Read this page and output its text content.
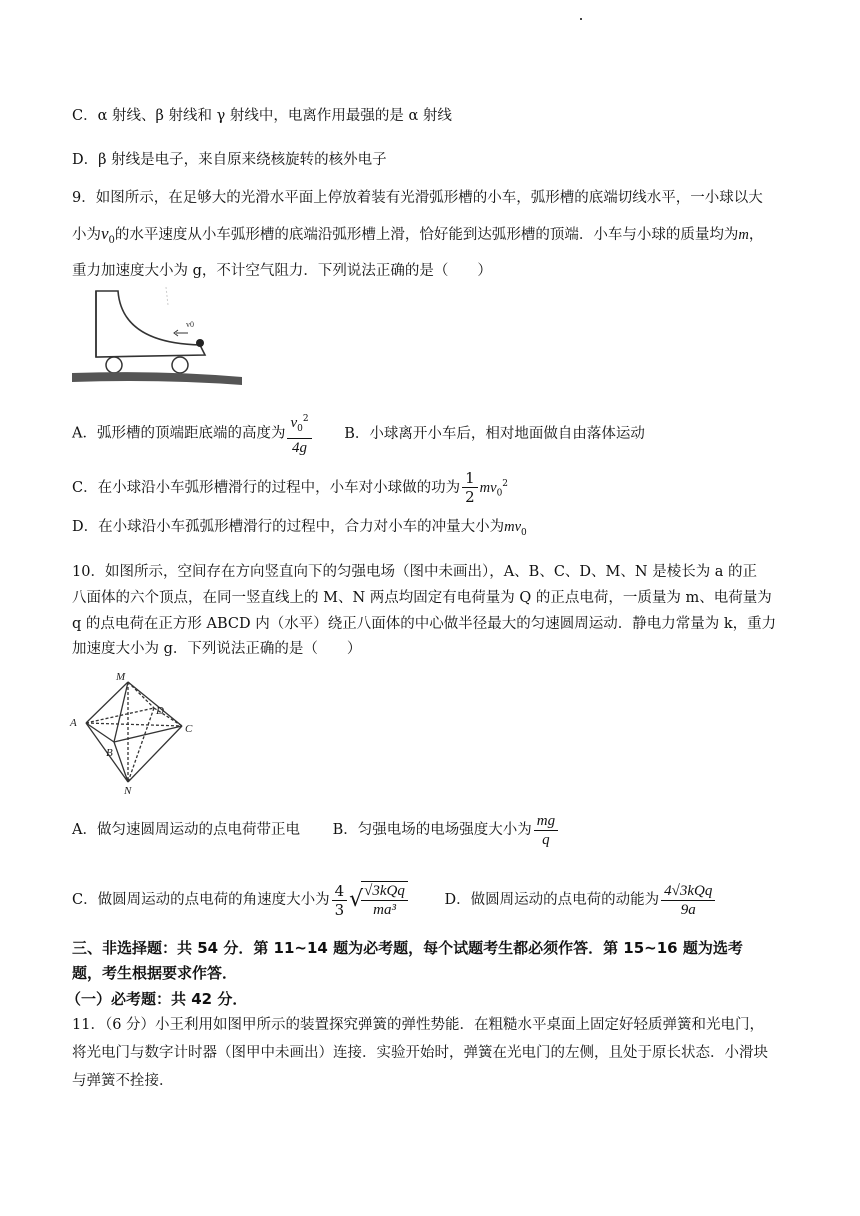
C．α 射线、β 射线和 γ 射线中，电离作用最强的是 α 射线
D．β 射线是电子，来自原来绕核旋转的核外电子
9．如图所示，在足够大的光滑水平面上停放着装有光滑弧形槽的小车，弧形槽的底端切线水平，一小球以大
小为$v_0$的水平速度从小车弧形槽的底端沿弧形槽上滑，恰好能到达弧形槽的顶端．小车与小球的质量均为m，
重力加速度大小为 g，不计空气阻力．下列说法正确的是（　　）
v0
A．弧形槽的顶端距底端的高度为 $\frac{v_0^2}{4g}$ B．小球离开小车后，相对地面做自由落体运动
C．在小球沿小车弧形槽滑行的过程中，小车对小球做的功为 $\frac{1}{2} mv_0^2$
D．在小球沿小车孤弧形槽滑行的过程中，合力对小车的冲量大小为$mv_0$
10．如图所示，空间存在方向竖直向下的匀强电场（图中未画出），A、B、C、D、M、N 是棱长为 a 的正
八面体的六个顶点，在同一竖直线上的 M、N 两点均固定有电荷量为 Q 的正点电荷，一质量为 m、电荷量为
q 的点电荷在正方形 ABCD 内（水平）绕正八面体的中心做半径最大的匀速圆周运动．静电力常量为 k，重力
加速度大小为 g．下列说法正确的是（　　）
M
A
D
C
B
N
A．做匀速圆周运动的点电荷带正电 B．匀强电场的电场强度大小为 $\frac{mg}{q}$
C．做圆周运动的点电荷的角速度大小为 $\frac{4}{3}$ √
$\frac{\text{√3kQq}}{\text{ma³}}$	D．做圆周运动的点电荷的动能为 $\frac{\text{4√3kQq}}{9a}$
三、非选择题：共 54 分．第 11~14 题为必考题，每个试题考生都必须作答．第 15~16 题为选考
题，考生根据要求作答．
（一）必考题：共 42 分．
11．（6 分）小王利用如图甲所示的装置探究弹簧的弹性势能．在粗糙水平桌面上固定好轻质弹簧和光电门，
将光电门与数字计时器（图甲中未画出）连接．实验开始时，弹簧在光电门的左侧，且处于原长状态．小滑块
与弹簧不拴接．
